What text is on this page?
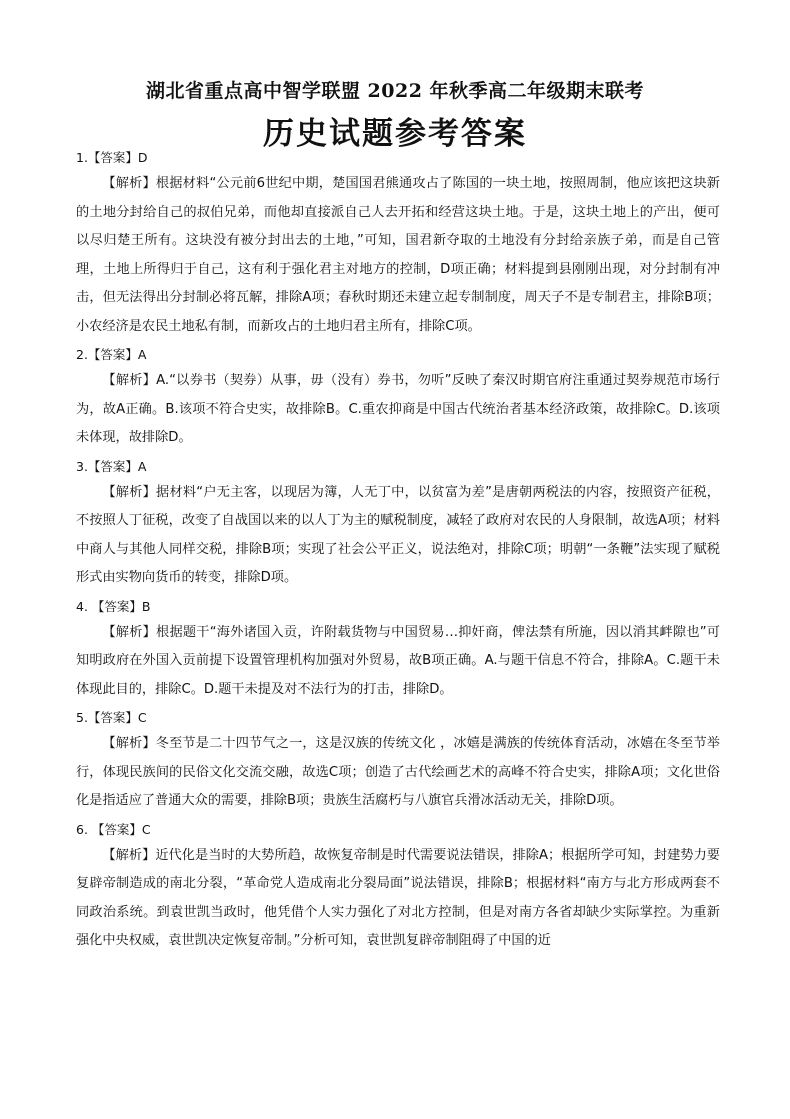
湖北省重点高中智学联盟 2022 年秋季高二年级期末联考
历史试题参考答案
1.【答案】D

【解析】根据材料“公元前6世纪中期，楚国国君熊通攻占了陈国的一块土地，按照周制，他应该把这块新的土地分封给自己的叔伯兄弟，而他却直接派自己人去开拓和经营这块土地。于是，这块土地上的产出，便可以尽归楚王所有。这块没有被分封出去的土地，”可知，国君新夺取的土地没有分封给亲族子弟，而是自己管理，土地上所得归于自己，这有利于强化君主对地方的控制，D项正确；材料提到县刚刚出现，对分封制有冲击，但无法得出分封制必将瓦解，排除A项；春秋时期还未建立起专制制度，周天子不是专制君主，排除B项；小农经济是农民土地私有制，而新攻占的土地归君主所有，排除C项。

2.【答案】A

【解析】A.“以券书（契券）从事，毋（没有）券书，勿听”反映了秦汉时期官府注重通过契券规范市场行为，故A正确。B.该项不符合史实，故排除B。C.重农抑商是中国古代统治者基本经济政策，故排除C。D.该项未体现，故排除D。

3.【答案】A

【解析】据材料“户无主客，以现居为簿，人无丁中，以贫富为差”是唐朝两税法的内容，按照资产征税，不按照人丁征税，改变了自战国以来的以人丁为主的赋税制度，减轻了政府对农民的人身限制，故选A项；材料中商人与其他人同样交税，排除B项；实现了社会公平正义，说法绝对，排除C项；明朝“一条鞭”法实现了赋税形式由实物向货币的转变，排除D项。

4. 【答案】B

【解析】根据题干“海外诸国入贡，许附载货物与中国贸易…抑奸商，俾法禁有所施，因以消其衅隙也”可知明政府在外国入贡前提下设置管理机构加强对外贸易，故B项正确。A.与题干信息不符合，排除A。C.题干未体现此目的，排除C。D.题干未提及对不法行为的打击，排除D。

5.【答案】C

【解析】冬至节是二十四节气之一，这是汉族的传统文化 ，冰嬉是满族的传统体育活动，冰嬉在冬至节举行，体现民族间的民俗文化交流交融，故选C项；创造了古代绘画艺术的高峰不符合史实，排除A项；文化世俗化是指适应了普通大众的需要，排除B项；贵族生活腐朽与八旗官兵滑冰活动无关，排除D项。

6. 【答案】C

【解析】近代化是当时的大势所趋，故恢复帝制是时代需要说法错误，排除A；根据所学可知，封建势力要复辟帝制造成的南北分裂，“革命党人造成南北分裂局面”说法错误，排除B；根据材料“南方与北方形成两套不同政治系统。到袁世凯当政时，他凭借个人实力强化了对北方控制，但是对南方各省却缺少实际掌控。为重新强化中央权威，袁世凯决定恢复帝制。”分析可知，袁世凯复辟帝制阻碍了中国的近
